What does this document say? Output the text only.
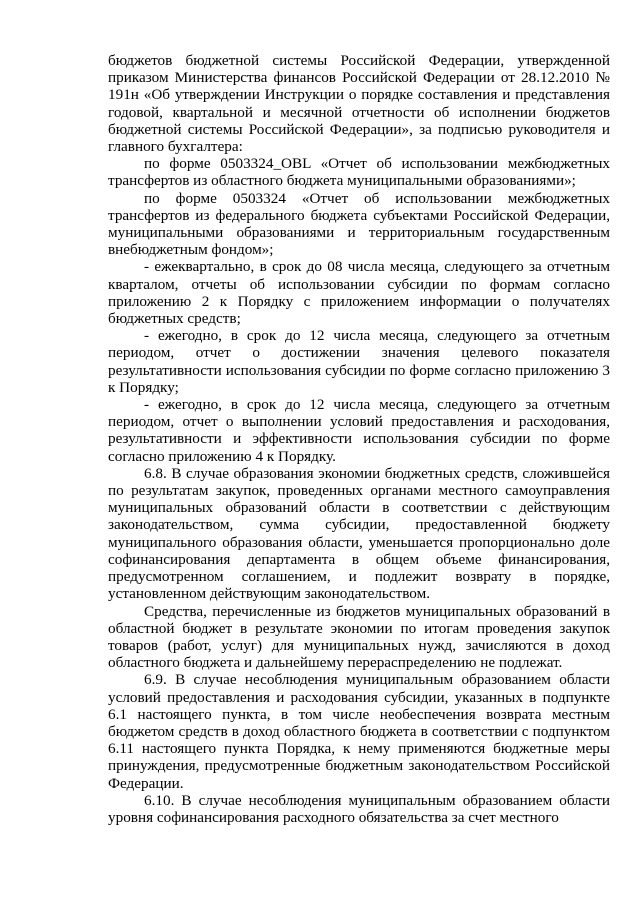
бюджетов бюджетной системы Российской Федерации, утвержденной приказом Министерства финансов Российской Федерации от 28.12.2010 № 191н «Об утверждении Инструкции о порядке составления и представления годовой, квартальной и месячной отчетности об исполнении бюджетов бюджетной системы Российской Федерации», за подписью руководителя и главного бухгалтера:

по форме 0503324_OBL «Отчет об использовании межбюджетных трансфертов из областного бюджета муниципальными образованиями»;

по форме 0503324 «Отчет об использовании межбюджетных трансфертов из федерального бюджета субъектами Российской Федерации, муниципальными образованиями и территориальным государственным внебюджетным фондом»;

- ежеквартально, в срок до 08 числа месяца, следующего за отчетным кварталом, отчеты об использовании субсидии по формам согласно приложению 2 к Порядку с приложением информации о получателях бюджетных средств;

- ежегодно, в срок до 12 числа месяца, следующего за отчетным периодом, отчет о достижении значения целевого показателя результативности использования субсидии по форме согласно приложению 3 к Порядку;

- ежегодно, в срок до 12 числа месяца, следующего за отчетным периодом, отчет о выполнении условий предоставления и расходования, результативности и эффективности использования субсидии по форме согласно приложению 4 к Порядку.

6.8. В случае образования экономии бюджетных средств, сложившейся по результатам закупок, проведенных органами местного самоуправления муниципальных образований области в соответствии с действующим законодательством, сумма субсидии, предоставленной бюджету муниципального образования области, уменьшается пропорционально доле софинансирования департамента в общем объеме финансирования, предусмотренном соглашением, и подлежит возврату в порядке, установленном действующим законодательством.

Средства, перечисленные из бюджетов муниципальных образований в областной бюджет в результате экономии по итогам проведения закупок товаров (работ, услуг) для муниципальных нужд, зачисляются в доход областного бюджета и дальнейшему перераспределению не подлежат.

6.9. В случае несоблюдения муниципальным образованием области условий предоставления и расходования субсидии, указанных в подпункте 6.1 настоящего пункта, в том числе необеспечения возврата местным бюджетом средств в доход областного бюджета в соответствии с подпунктом 6.11 настоящего пункта Порядка, к нему применяются бюджетные меры принуждения, предусмотренные бюджетным законодательством Российской Федерации.

6.10. В случае несоблюдения муниципальным образованием области уровня софинансирования расходного обязательства за счет местного
